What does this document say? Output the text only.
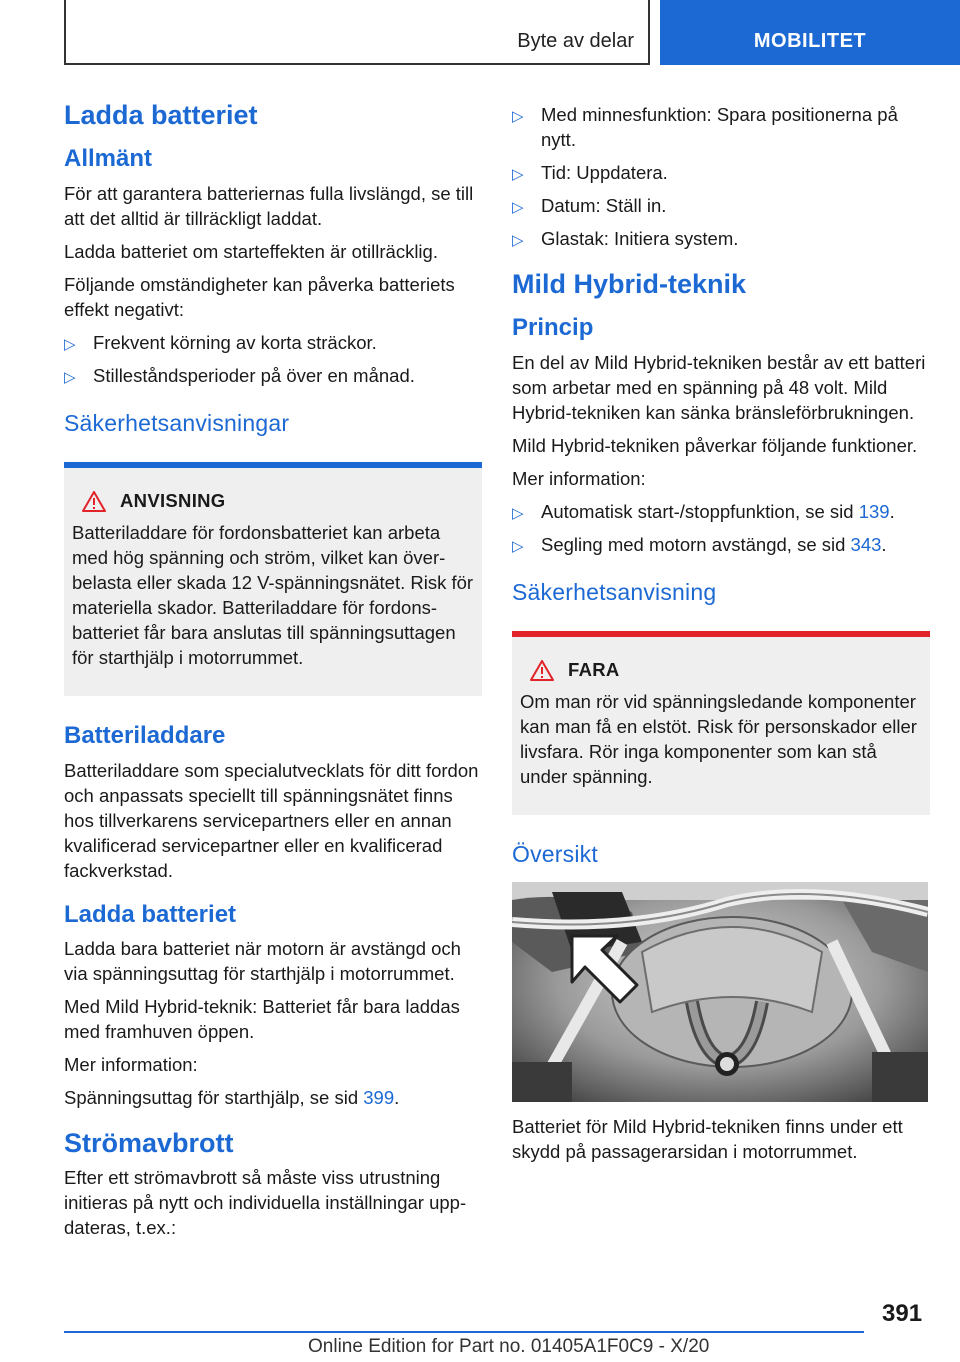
Byte av delar	MOBILITET
Ladda batteriet
Allmänt

För att garantera batteriernas fulla livslängd, se till att det alltid är tillräckligt laddat.

Ladda batteriet om starteffekten är otillräcklig.

Följande omständigheter kan påverka batteriets effekt negativt:

▷ Frekvent körning av korta sträckor.
▷ Stilleståndsperioder på över en månad.
Säkerhetsanvisningar
ANVISNING

Batteriladdare för fordonsbatteriet kan arbeta med hög spänning och ström, vilket kan överbelasta eller skada 12 V-spänningsnätet. Risk för materiella skador. Batteriladdare för fordonsbatteriet får bara anslutas till spänningsuttagen för starthjälp i motorrummet.

Batteriladdare

Batteriladdare som specialutvecklats för ditt fordon och anpassats speciellt till spänningsnätet finns hos tillverkarens servicepartners eller en annan kvalificerad servicepartner eller en kvalificerad fackverkstad.

Ladda batteriet

Ladda bara batteriet när motorn är avstängd och via spänningsuttag för starthjälp i motorrummet.

Med Mild Hybrid-teknik: Batteriet får bara laddas med framhuven öppen.

Mer information:

Spänningsuttag för starthjälp, se sid 399.

Strömavbrott

Efter ett strömavbrott så måste viss utrustning initieras på nytt och individuella inställningar uppdateras, t.ex.:

▷ Med minnesfunktion: Spara positionerna på nytt.
▷ Tid: Uppdatera.
▷ Datum: Ställ in.
▷ Glastak: Initiera system.
Mild Hybrid-teknik
Princip

En del av Mild Hybrid-tekniken består av ett batteri som arbetar med en spänning på 48 volt. Mild Hybrid-tekniken kan sänka bränsleförbrukningen.

Mild Hybrid-tekniken påverkar följande funktioner.

Mer information:

▷ Automatisk start-/stoppfunktion, se sid 139.
▷ Segling med motorn avstängd, se sid 343.
Säkerhetsanvisning
FARA

Om man rör vid spänningsledande komponenter kan man få en elstöt. Risk för personskador eller livsfara. Rör inga komponenter som kan stå under spänning.

Översikt

Batteriet för Mild Hybrid-tekniken finns under ett skydd på passagerarsidan i motorrummet.

391
Online Edition for Part no. 01405A1F0C9 - X/20
